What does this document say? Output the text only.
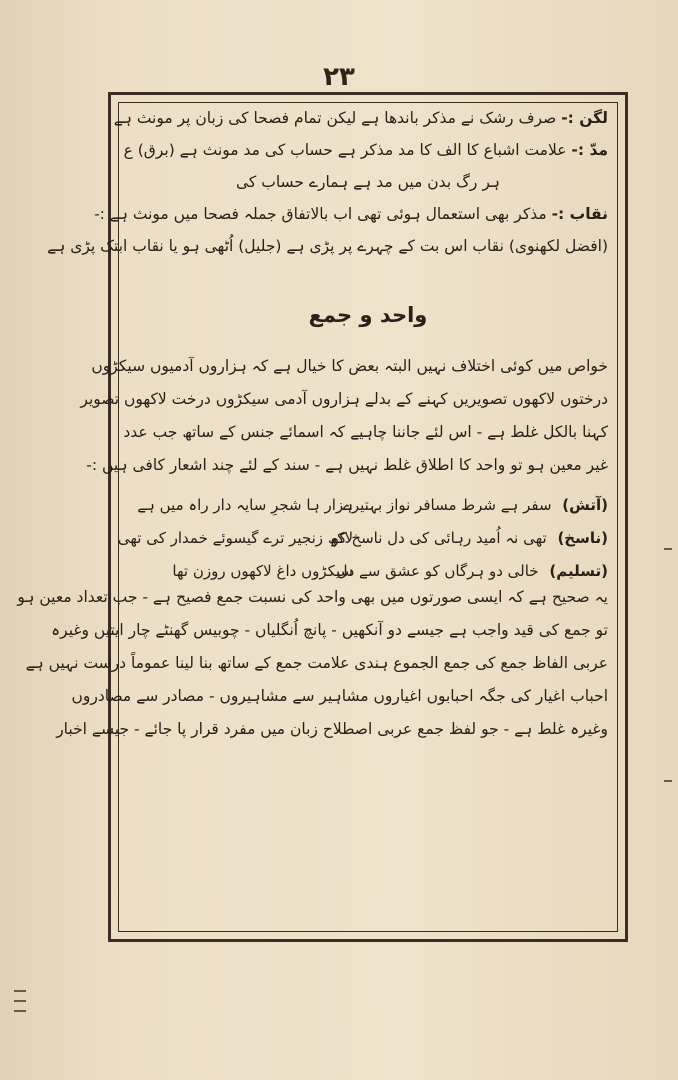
۲۳
لگن :- صرف رشک نے مذکر باندھا ہے لیکن تمام فصحا کی زبان پر مونث ہے
مدّ :- علامت اشباع کا الف کا مد مذکر ہے حساب کی مد مونث ہے (برق) ع
ہر رگ بدن میں مد ہے ہمارے حساب کی
نقاب :- مذکر بھی استعمال ہوئی تھی اب بالاتفاق جملہ فصحا میں مونث ہے :-
(افضل لکھنوی) نقاب اس بت کے چہرے پر پڑی ہے (جلیل) اُٹھی ہو یا نقاب ابتک پڑی ہے
واحد و جمع
خواص میں کوئی اختلاف نہیں البتہ بعض کا خیال ہے کہ ہزاروں آدمیوں سیکڑوں
درختوں لاکھوں تصویریں کہنے کے بدلے ہزاروں آدمی سیکڑوں درخت لاکھوں تصویر
کہنا بالکل غلط ہے - اس لئے جاننا چاہیے کہ اسمائے جنس کے ساتھ جب عدد
غیر معین ہو تو واحد کا اطلاق غلط نہیں ہے - سند کے لئے چند اشعار کافی ہیں :-
(آتش) سفر ہے شرط مسافر نواز بہتیرے
ہزار ہا شجرِ سایہ دار راہ میں ہے
(ناسخ) تھی نہ اُمید رہائی کی دل ناسخ کو
لاکھ زنجیر ترے گیسوئے خمدار کی تھی
(تسلیم) خالی دو ہرگاں کو عشق سے دل
سیکڑوں داغ لاکھوں روزن تھا
یہ صحیح ہے کہ ایسی صورتوں میں بھی واحد کی نسبت جمع فصیح ہے - جب تعداد معین ہو
تو جمع کی قید واجب ہے جیسے دو آنکھیں - پانچ اُنگلیاں - چوبیس گھنٹے چار ایتیں وغیرہ
عربی الفاظ جمع کی جمع الجموع ہندی علامت جمع کے ساتھ بنا لینا عموماً درست نہیں ہے
احباب اغیار کی جگہ احبابوں اغیاروں مشاہیر سے مشاہیروں - مصادر سے مصادروں
وغیرہ غلط ہے - جو لفظ جمع عربی اصطلاح زبان میں مفرد قرار پا جائے - جیسے اخبار
